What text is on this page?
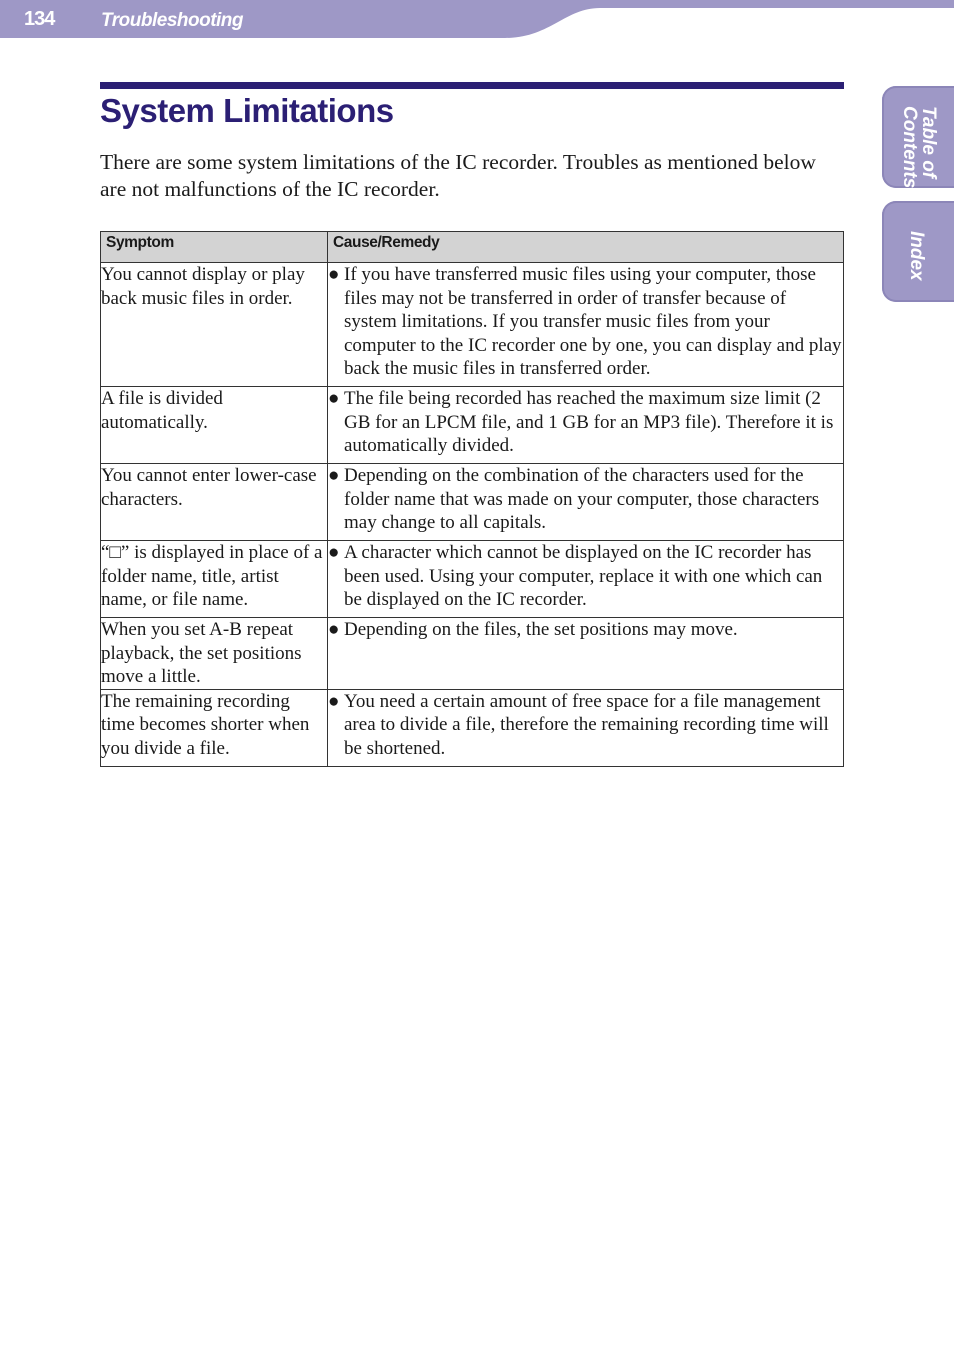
134 Troubleshooting
Table of Contents
Index
System Limitations

There are some system limitations of the IC recorder. Troubles as mentioned below are not malfunctions of the IC recorder.

Symptom	Cause/Remedy
You cannot display or play back music files in order.	● If you have transferred music files using your computer, those files may not be transferred in order of transfer because of system limitations. If you transfer music files from your computer to the IC recorder one by one, you can display and play back the music files in transferred order.

A file is divided automatically.	● The file being recorded has reached the maximum size limit (2 GB for an LPCM file, and 1 GB for an MP3 file). Therefore it is automatically divided.

You cannot enter lower-case characters.	● Depending on the combination of the characters used for the folder name that was made on your computer, those characters may change to all capitals.

“□” is displayed in place of a folder name, title, artist name, or file name.	● A character which cannot be displayed on the IC recorder has been used. Using your computer, replace it with one which can be displayed on the IC recorder.

When you set A-B repeat playback, the set positions move a little.	● Depending on the files, the set positions may move.

The remaining recording time becomes shorter when you divide a file.	● You need a certain amount of free space for a file management area to divide a file, therefore the remaining recording time will be shortened.
